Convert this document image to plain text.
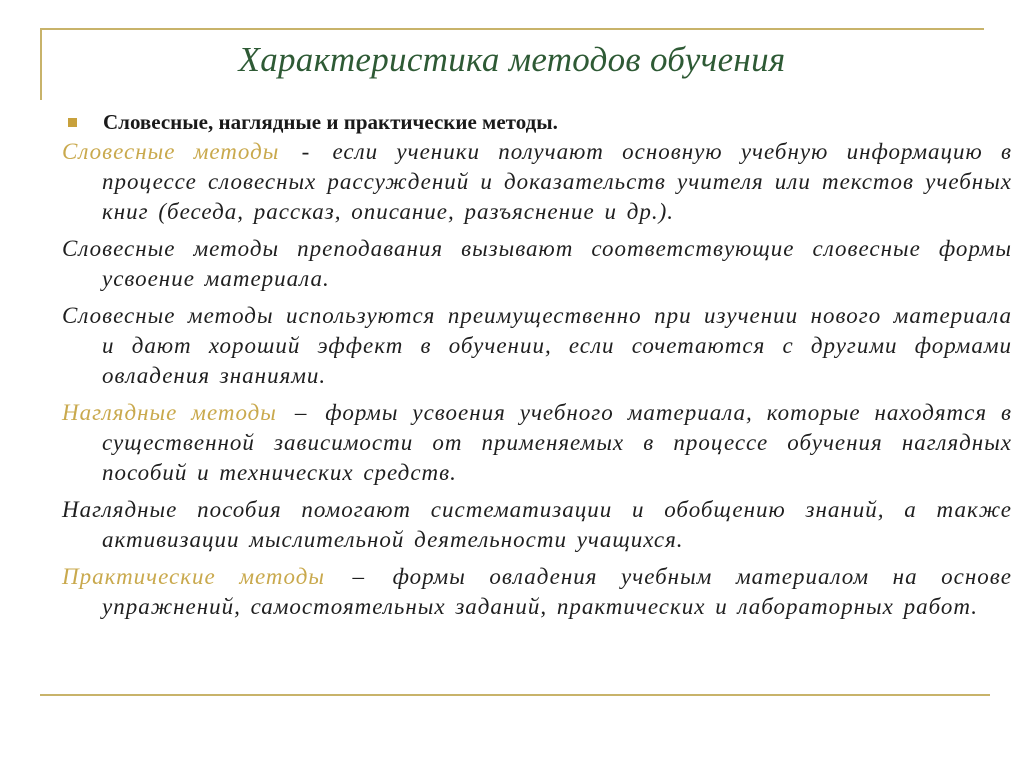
Характеристика методов обучения
Словесные, наглядные и практические методы.

Словесные методы - если ученики получают основную учебную информацию в процессе словесных рассуждений и доказательств учителя или текстов учебных книг (беседа, рассказ, описание, разъяснение и др.).

Словесные методы преподавания вызывают соответствующие словесные формы усвоение материала.

Словесные методы используются преимущественно при изучении нового материала и дают хороший эффект в обучении, если сочетаются с другими формами овладения знаниями.

Наглядные методы – формы усвоения учебного материала, которые находятся в существенной зависимости от применяемых в процессе обучения наглядных пособий и технических средств.

Наглядные пособия помогают систематизации и обобщению знаний, а также активизации мыслительной деятельности учащихся.

Практические методы – формы овладения учебным материалом на основе упражнений, самостоятельных заданий, практических и лабораторных работ.
